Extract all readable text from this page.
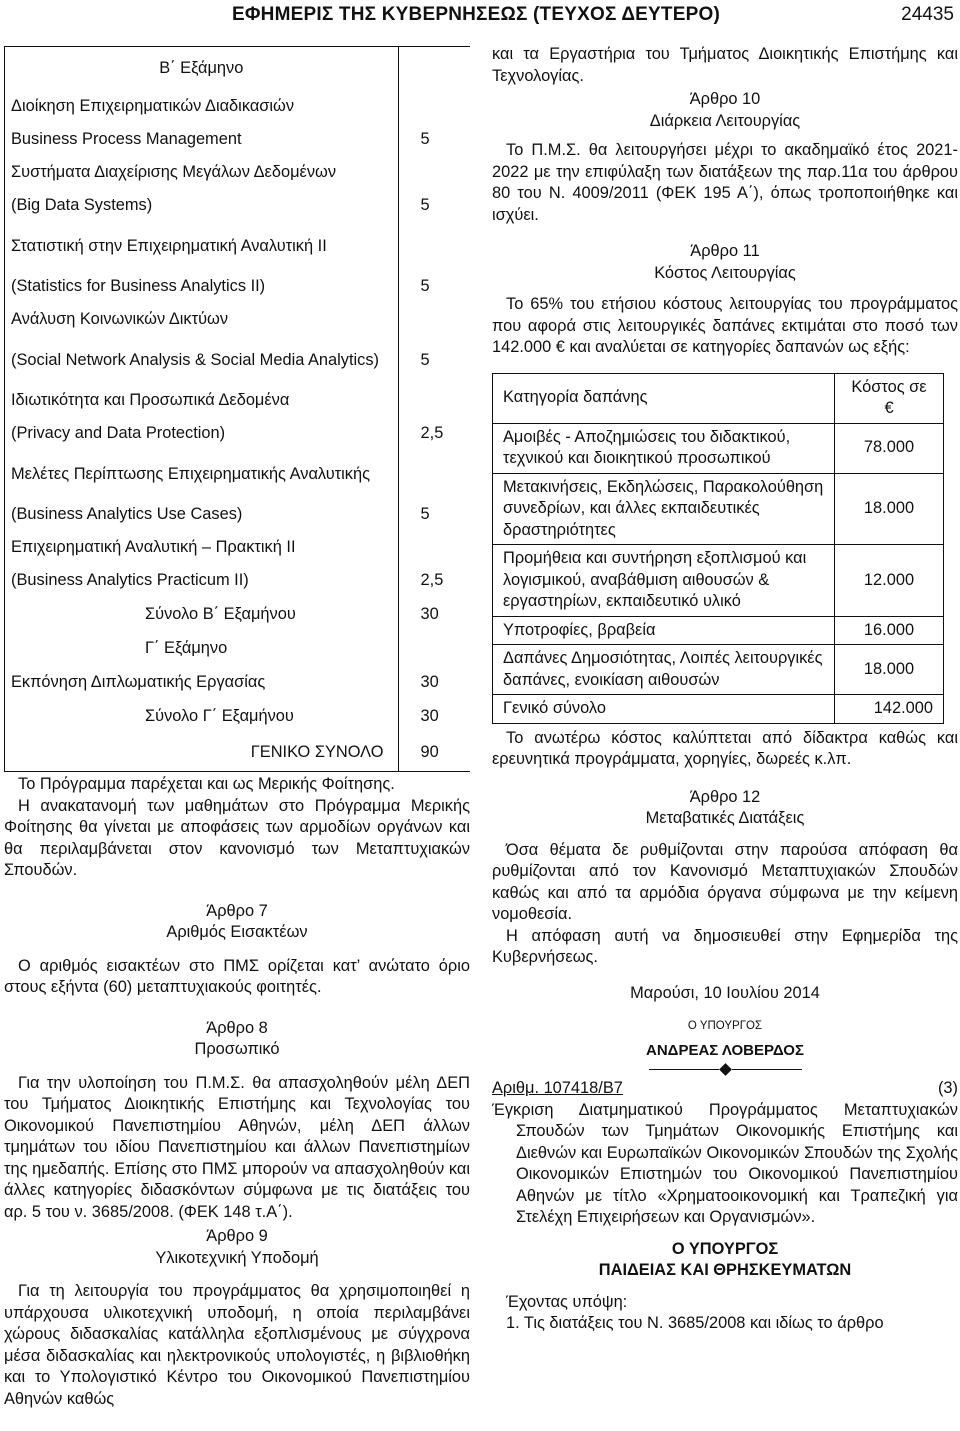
ΕΦΗΜΕΡΙΣ ΤΗΣ ΚΥΒΕΡΝΗΣΕΩΣ (ΤΕΥΧΟΣ ΔΕΥΤΕΡΟ)	24435
Β΄ Εξάμηνο	
Διοίκηση Επιχειρηματικών Διαδικασιών	
Business Process Management	5
Συστήματα Διαχείρισης Μεγάλων Δεδομένων	
(Big Data Systems)	5
Στατιστική στην Επιχειρηματική Αναλυτική ΙΙ	
(Statistics for Business Analytics II)	5
Ανάλυση Κοινωνικών Δικτύων	
(Social Network Analysis & Social Media Analytics)	5
Ιδιωτικότητα και Προσωπικά Δεδομένα	
(Privacy and Data Protection)	2,5
Μελέτες Περίπτωσης Επιχειρηματικής Αναλυτικής	
(Business Analytics Use Cases)	5
Επιχειρηματική Αναλυτική – Πρακτική ΙΙ	
(Business Analytics Practicum II)	2,5
Σύνολο Β΄ Εξαμήνου	30
Γ΄ Εξάμηνο	
Εκπόνηση Διπλωματικής Εργασίας	30
Σύνολο Γ΄ Εξαμήνου	30
ΓΕΝΙΚΟ ΣΥΝΟΛΟ	90

Το Πρόγραμμα παρέχεται και ως Μερικής Φοίτησης.

Η ανακατανομή των μαθημάτων στο Πρόγραμμα Μερικής Φοίτησης θα γίνεται με αποφάσεις των αρμοδίων οργάνων και θα περιλαμβάνεται στον κανονισμό των Μεταπτυχιακών Σπουδών.

Άρθρο 7

Αριθμός Εισακτέων

Ο αριθμός εισακτέων στο ΠΜΣ ορίζεται κατ’ ανώτατο όριο στους εξήντα (60) μεταπτυχιακούς φοιτητές.

Άρθρο 8

Προσωπικό

Για την υλοποίηση του Π.Μ.Σ. θα απασχοληθούν μέλη ΔΕΠ του Τμήματος Διοικητικής Επιστήμης και Τεχνολογίας του Οικονομικού Πανεπιστημίου Αθηνών, μέλη ΔΕΠ άλλων τμημάτων του ιδίου Πανεπιστημίου και άλλων Πανεπιστημίων της ημεδαπής. Επίσης στο ΠΜΣ μπορούν να απασχοληθούν και άλλες κατηγορίες διδασκόντων σύμφωνα με τις διατάξεις του αρ. 5 του ν. 3685/2008. (ΦΕΚ 148 τ.Α΄).

Άρθρο 9

Υλικοτεχνική Υποδομή

Για τη λειτουργία του προγράμματος θα χρησιμοποιηθεί η υπάρχουσα υλικοτεχνική υποδομή, η οποία περιλαμβάνει χώρους διδασκαλίας κατάλληλα εξοπλισμένους με σύγχρονα μέσα διδασκαλίας και ηλεκτρονικούς υπολογιστές, η βιβλιοθήκη και το Υπολογιστικό Κέντρο του Οικονομικού Πανεπιστημίου Αθηνών καθώς

και τα Εργαστήρια του Τμήματος Διοικητικής Επιστήμης και Τεχνολογίας.

Άρθρο 10

Διάρκεια Λειτουργίας

Το Π.Μ.Σ. θα λειτουργήσει μέχρι το ακαδημαϊκό έτος 2021-2022 με την επιφύλαξη των διατάξεων της παρ.11α του άρθρου 80 του Ν. 4009/2011 (ΦΕΚ 195 Α΄), όπως τροποποιήθηκε και ισχύει.

Άρθρο 11

Κόστος Λειτουργίας

Το 65% του ετήσιου κόστους λειτουργίας του προγράμματος που αφορά στις λειτουργικές δαπάνες εκτιμάται στο ποσό των 142.000 € και αναλύεται σε κατηγορίες δαπανών ως εξής:

Κατηγορία δαπάνης	Κόστος σε €
Αμοιβές - Αποζημιώσεις του διδακτικού, τεχνικού και διοικητικού προσωπικού	78.000
Μετακινήσεις, Εκδηλώσεις, Παρακολούθηση συνεδρίων, και άλλες εκπαιδευτικές δραστηριότητες	18.000
Προμήθεια και συντήρηση εξοπλισμού και λογισμικού, αναβάθμιση αιθουσών & εργαστηρίων, εκπαιδευτικό υλικό	12.000
Υποτροφίες, βραβεία	16.000
Δαπάνες Δημοσιότητας, Λοιπές λειτουργικές δαπάνες, ενοικίαση αιθουσών	18.000
Γενικό σύνολο	142.000

Το ανωτέρω κόστος καλύπτεται από δίδακτρα καθώς και ερευνητικά προγράμματα, χορηγίες, δωρεές κ.λπ.

Άρθρο 12

Μεταβατικές Διατάξεις

Όσα θέματα δε ρυθμίζονται στην παρούσα απόφαση θα ρυθμίζονται από τον Κανονισμό Μεταπτυχιακών Σπουδών καθώς και από τα αρμόδια όργανα σύμφωνα με την κείμενη νομοθεσία.

Η απόφαση αυτή να δημοσιευθεί στην Εφημερίδα της Κυβερνήσεως.

Μαρούσι, 10 Ιουλίου 2014

Ο ΥΠΟΥΡΓΟΣ

ΑΝΔΡΕΑΣ ΛΟΒΕΡΔΟΣ

Αριθμ. 107418/Β7	(3)

Έγκριση Διατμηματικού Προγράμματος Μεταπτυχιακών Σπουδών των Τμημάτων Οικονομικής Επιστήμης και Διεθνών και Ευρωπαϊκών Οικονομικών Σπουδών της Σχολής Οικονομικών Επιστημών του Οικονομικού Πανεπιστημίου Αθηνών με τίτλο «Χρηματοοικονομική και Τραπεζική για Στελέχη Επιχειρήσεων και Οργανισμών».

Ο ΥΠΟΥΡΓΟΣ

ΠΑΙΔΕΙΑΣ ΚΑΙ ΘΡΗΣΚΕΥΜΑΤΩΝ

Έχοντας υπόψη:

1. Τις διατάξεις του Ν. 3685/2008 και ιδίως το άρθρο
